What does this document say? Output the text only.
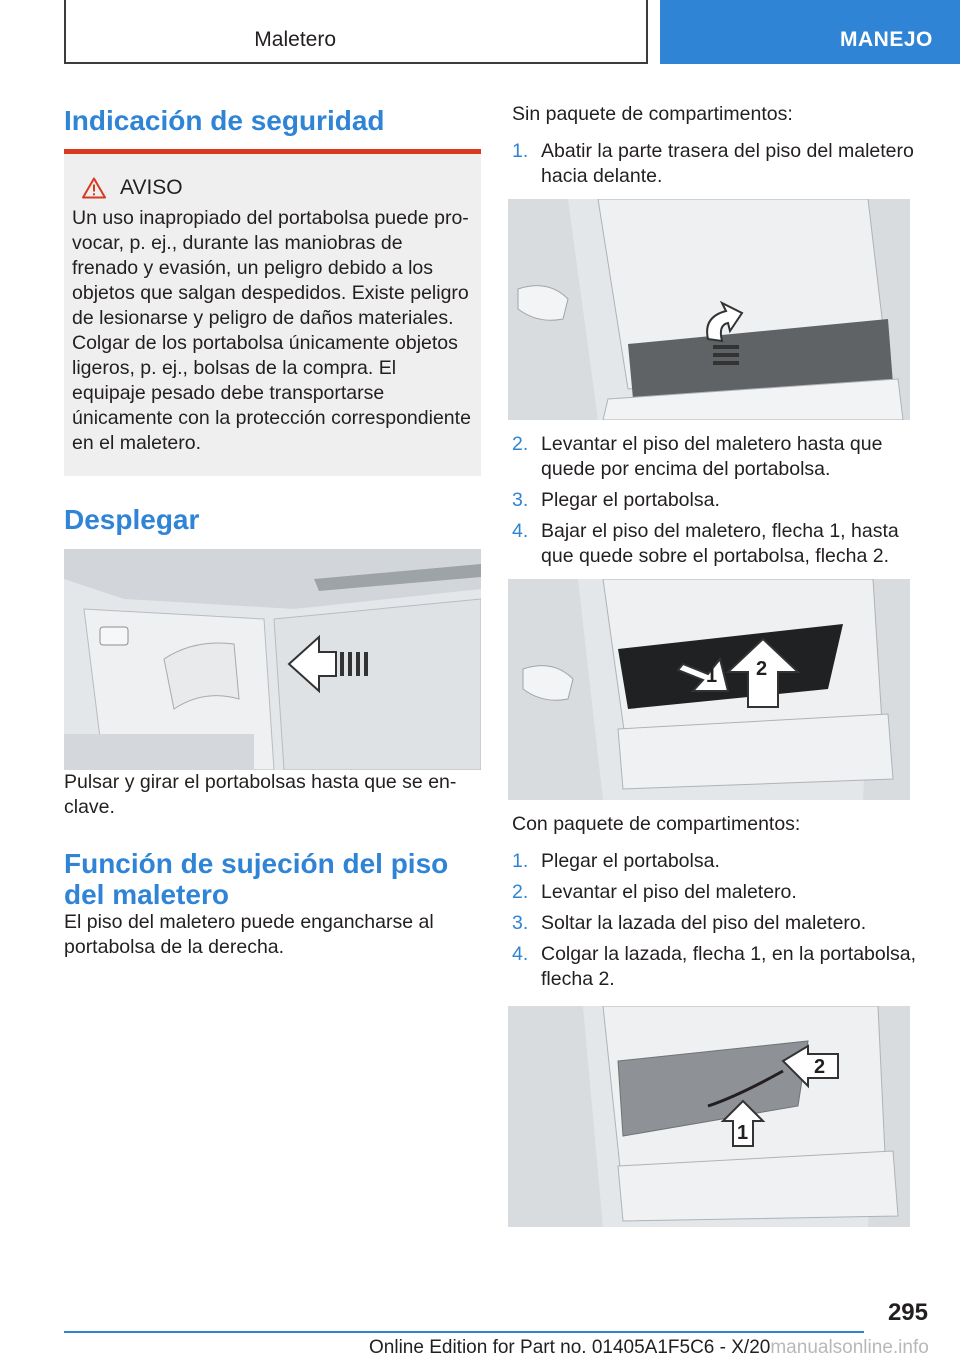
Maletero	MANEJO
Indicación de seguridad
AVISO
Un uso inapropiado del portabolsa puede provocar, p. ej., durante las maniobras de frenado y evasión, un peligro debido a los objetos que salgan despedidos. Existe peligro de lesionarse y peligro de daños materiales. Colgar de los portabolsa únicamente objetos ligeros, p. ej., bolsas de la compra. El equipaje pesado debe transportarse únicamente con la protección correspondiente en el maletero.
Desplegar

Pulsar y girar el portabolsas hasta que se enclave.

Función de sujeción del piso del maletero

El piso del maletero puede engancharse al portabolsa de la derecha.

Sin paquete de compartimentos:
1. Abatir la parte trasera del piso del maletero hacia delante.
2. Levantar el piso del maletero hasta que quede por encima del portabolsa.
3. Plegar el portabolsa.
4. Bajar el piso del maletero, flecha 1, hasta que quede sobre el portabolsa, flecha 2.
1 2
Con paquete de compartimentos:
1. Plegar el portabolsa.
2. Levantar el piso del maletero.
3. Soltar la lazada del piso del maletero.
4. Colgar la lazada, flecha 1, en la portabolsa, flecha 2.
1
2
295
Online Edition for Part no. 01405A1F5C6 - X/20manualsonline.info
